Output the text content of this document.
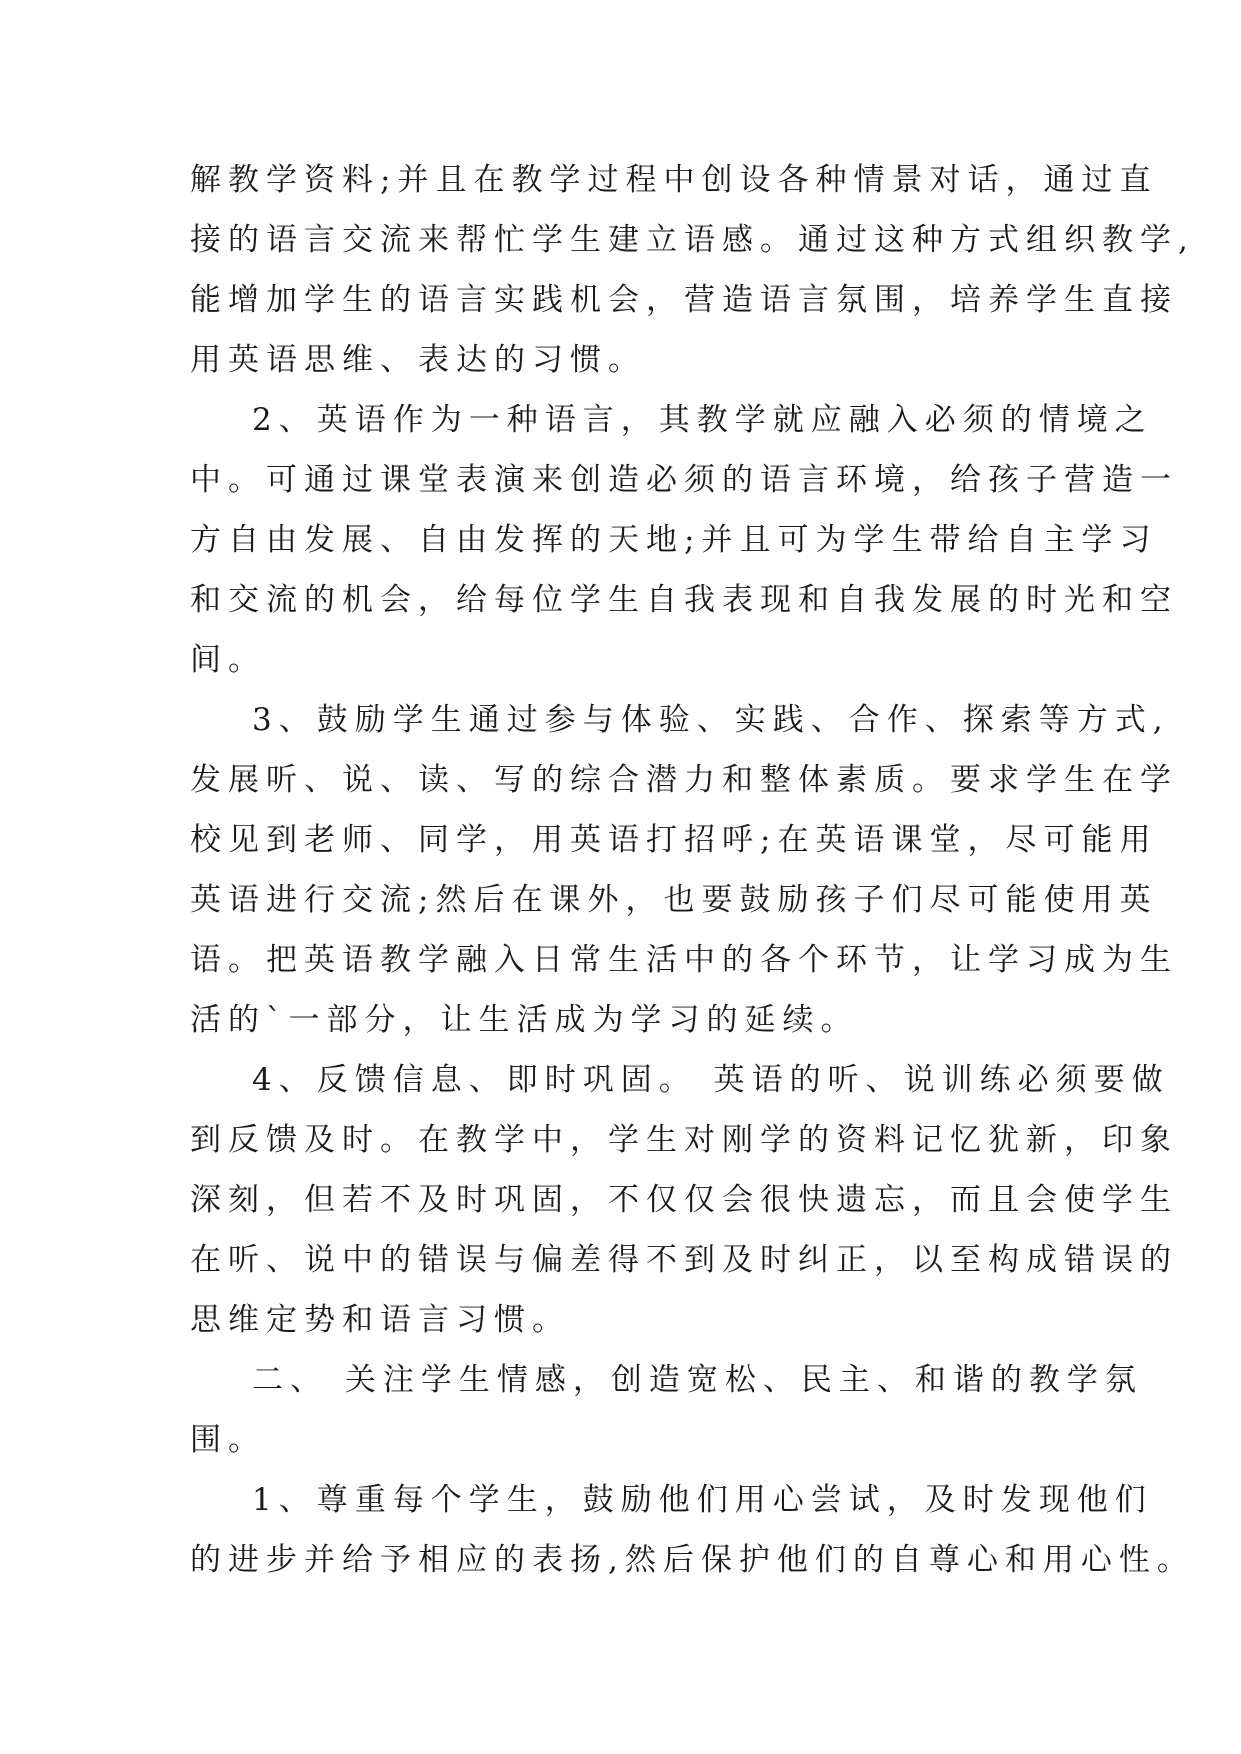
解教学资料;并且在教学过程中创设各种情景对话，通过直
接的语言交流来帮忙学生建立语感。通过这种方式组织教学,
能增加学生的语言实践机会，营造语言氛围，培养学生直接
用英语思维、表达的习惯。
2、英语作为一种语言，其教学就应融入必须的情境之
中。可通过课堂表演来创造必须的语言环境，给孩子营造一
方自由发展、自由发挥的天地;并且可为学生带给自主学习
和交流的机会，给每位学生自我表现和自我发展的时光和空
间。
3、鼓励学生通过参与体验、实践、合作、探索等方式,
发展听、说、读、写的综合潜力和整体素质。要求学生在学
校见到老师、同学，用英语打招呼;在英语课堂，尽可能用
英语进行交流;然后在课外，也要鼓励孩子们尽可能使用英
语。把英语教学融入日常生活中的各个环节，让学习成为生
活的`一部分，让生活成为学习的延续。
4、反馈信息、即时巩固。 英语的听、说训练必须要做
到反馈及时。在教学中，学生对刚学的资料记忆犹新，印象
深刻，但若不及时巩固，不仅仅会很快遗忘，而且会使学生
在听、说中的错误与偏差得不到及时纠正，以至构成错误的
思维定势和语言习惯。
二、 关注学生情感，创造宽松、民主、和谐的教学氛
围。
1、尊重每个学生，鼓励他们用心尝试，及时发现他们
的进步并给予相应的表扬,然后保护他们的自尊心和用心性。
